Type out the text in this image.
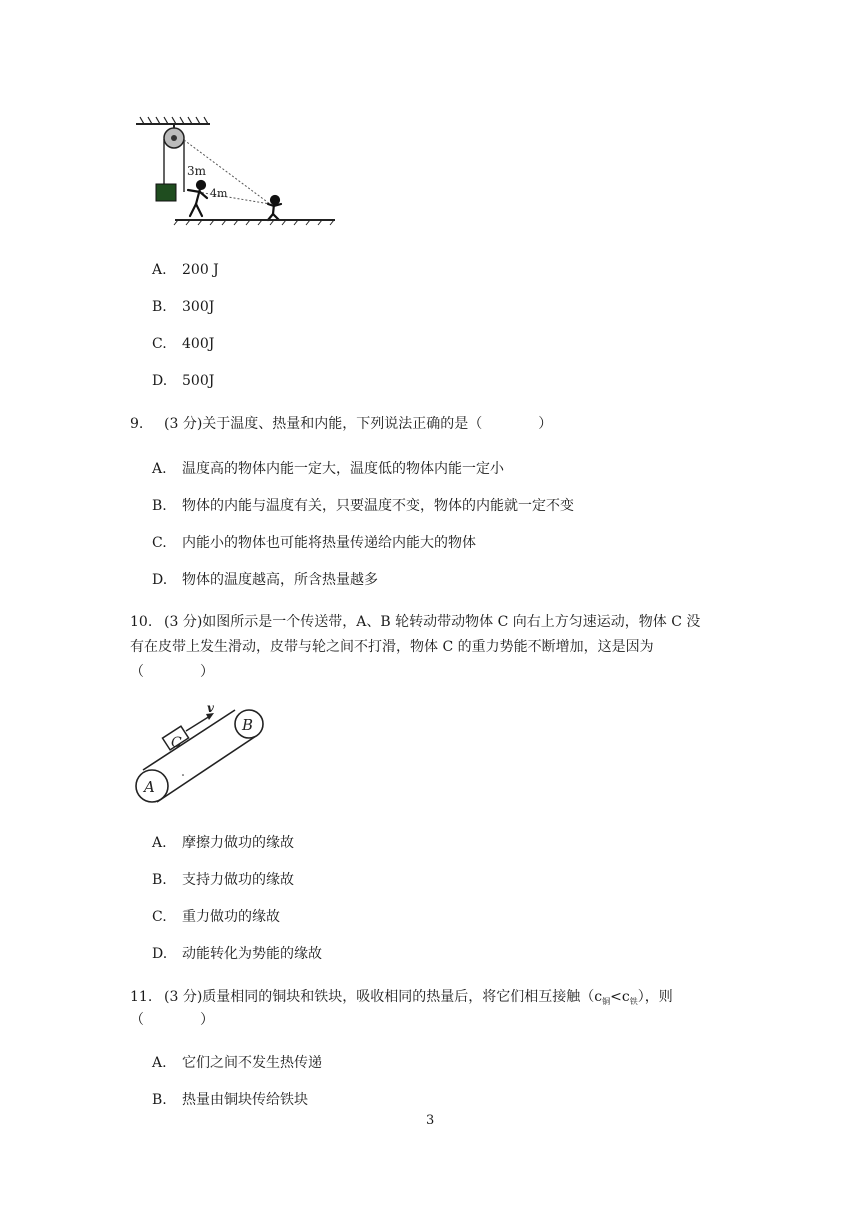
3m
4m
A. 200 J
B. 300J
C. 400J
D. 500J
9. (3 分)关于温度、热量和内能，下列说法正确的是（　　　　）
A. 温度高的物体内能一定大，温度低的物体内能一定小
B. 物体的内能与温度有关，只要温度不变，物体的内能就一定不变
C. 内能小的物体也可能将热量传递给内能大的物体
D. 物体的温度越高，所含热量越多
10. (3 分)如图所示是一个传送带，A、B 轮转动带动物体 C 向右上方匀速运动，物体 C 没
有在皮带上发生滑动，皮带与轮之间不打滑，物体 C 的重力势能不断增加，这是因为
（　　　　）
v
C
A
B
A. 摩擦力做功的缘故
B. 支持力做功的缘故
C. 重力做功的缘故
D. 动能转化为势能的缘故
11. (3 分)质量相同的铜块和铁块，吸收相同的热量后，将它们相互接触$(c_铜<c_铁)$，则
（　　　　）
A. 它们之间不发生热传递
B. 热量由铜块传给铁块
3
